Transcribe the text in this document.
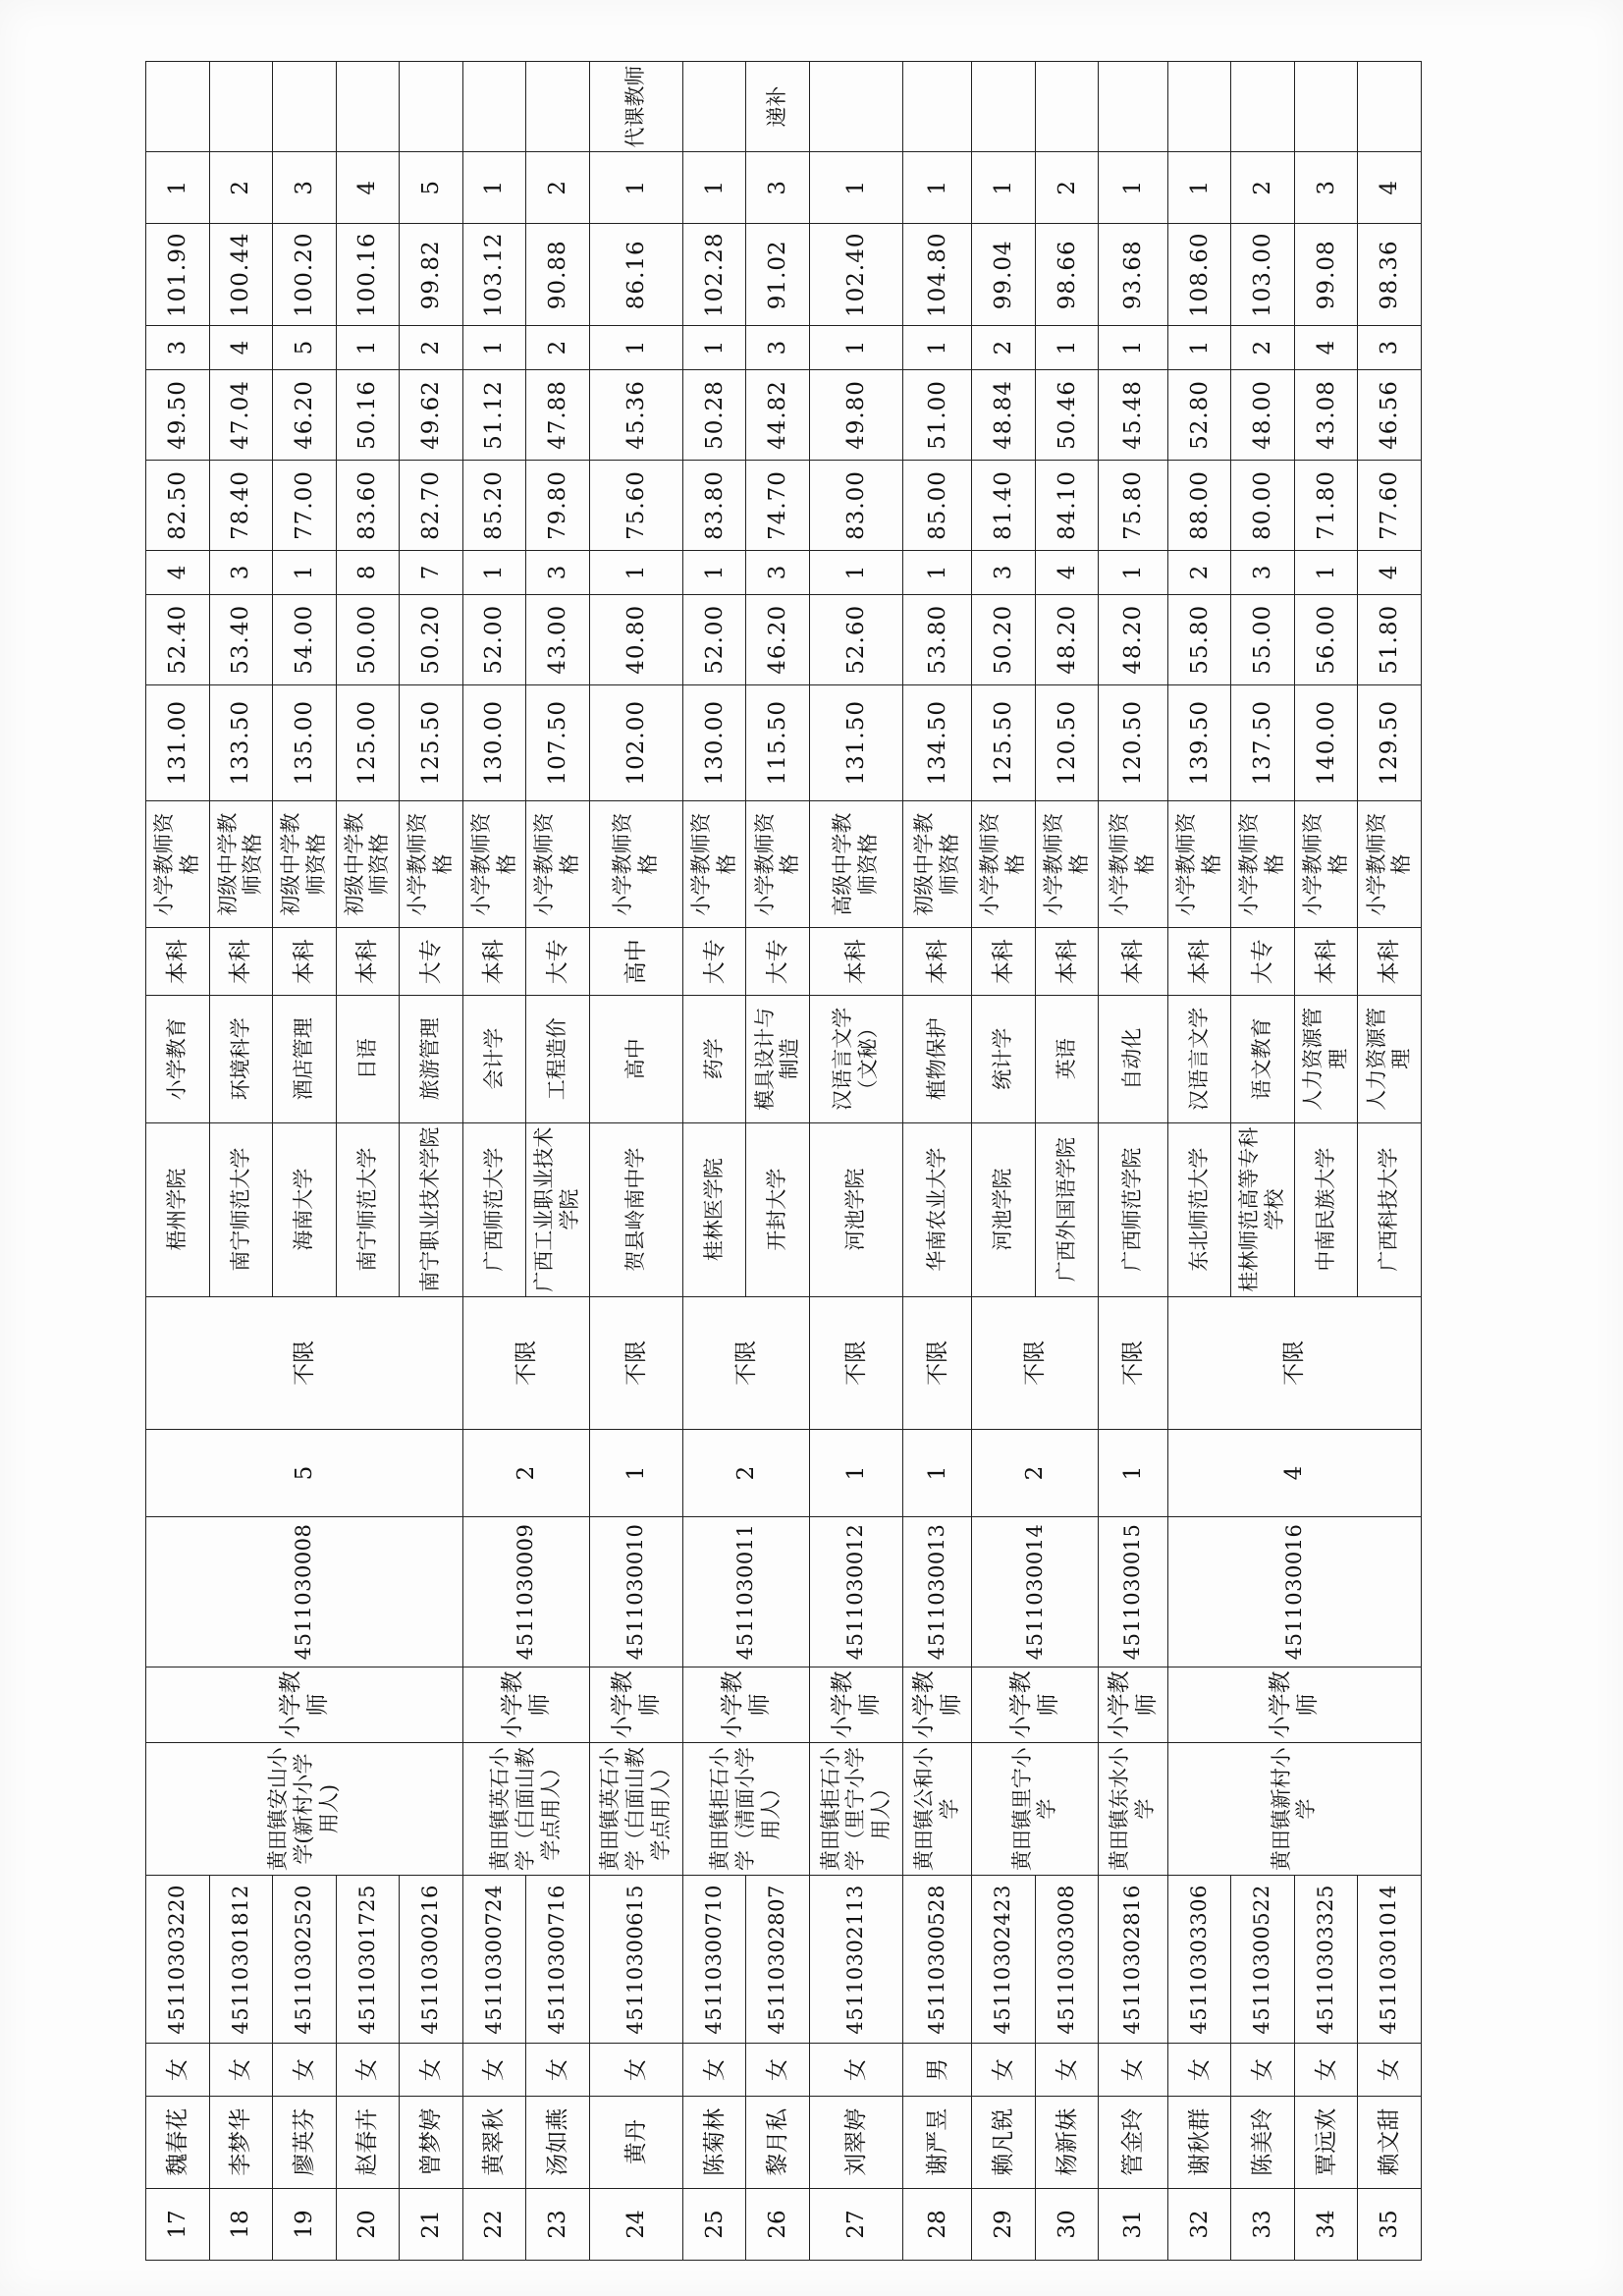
17	魏春花	女	45110303220	黄田镇安山小学(新村小学用人)	小学教师	4511030008	5	不限	梧州学院	小学教育	本科	小学教师资格	131.00	52.40	4	82.50	49.50	3	101.90	1	
18	李梦华	女	45110301812						南宁师范大学	环境科学	本科	初级中学教师资格	133.50	53.40	3	78.40	47.04	4	100.44	2	
19	廖英芬	女	45110302520						海南大学	酒店管理	本科	初级中学教师资格	135.00	54.00	1	77.00	46.20	5	100.20	3	
20	赵春卉	女	45110301725						南宁师范大学	日语	本科	初级中学教师资格	125.00	50.00	8	83.60	50.16	1	100.16	4	
21	曾梦婷	女	45110300216						南宁职业技术学院	旅游管理	大专	小学教师资格	125.50	50.20	7	82.70	49.62	2	99.82	5	
22	黄翠秋	女	45110300724	黄田镇英石小学（白面山教学点用人）	小学教师	4511030009	2	不限	广西师范大学	会计学	本科	小学教师资格	130.00	52.00	1	85.20	51.12	1	103.12	1	
23	汤如燕	女	45110300716						广西工业职业技术学院	工程造价	大专	小学教师资格	107.50	43.00	3	79.80	47.88	2	90.88	2	
24	黄丹	女	45110300615	黄田镇英石小学（白面山教学点用人）	小学教师	4511030010	1	不限	贺县岭南中学	高中	高中	小学教师资格	102.00	40.80	1	75.60	45.36	1	86.16	1	代课教师
25	陈菊林	女	45110300710	黄田镇拒石小学（清面小学用人）	小学教师	4511030011	2	不限	桂林医学院	药学	大专	小学教师资格	130.00	52.00	1	83.80	50.28	1	102.28	1	
26	黎月私	女	45110302807						开封大学	模具设计与制造	大专	小学教师资格	115.50	46.20	3	74.70	44.82	3	91.02	3	递补
27	刘翠婷	女	45110302113	黄田镇拒石小学（里宁小学用人）	小学教师	4511030012	1	不限	河池学院	汉语言文学（文秘）	本科	高级中学教师资格	131.50	52.60	1	83.00	49.80	1	102.40	1	
28	谢严昱	男	45110300528	黄田镇公和小学	小学教师	4511030013	1	不限	华南农业大学	植物保护	本科	初级中学教师资格	134.50	53.80	1	85.00	51.00	1	104.80	1	
29	赖凡锐	女	45110302423	黄田镇里宁小学	小学教师	4511030014	2	不限	河池学院	统计学	本科	小学教师资格	125.50	50.20	3	81.40	48.84	2	99.04	1	
30	杨新妹	女	45110303008						广西外国语学院	英语	本科	小学教师资格	120.50	48.20	4	84.10	50.46	1	98.66	2	
31	管金玲	女	45110302816	黄田镇东水小学	小学教师	4511030015	1	不限	广西师范学院	自动化	本科	小学教师资格	120.50	48.20	1	75.80	45.48	1	93.68	1	
32	谢秋群	女	45110303306	黄田镇新村小学	小学教师	4511030016	4	不限	东北师范大学	汉语言文学	本科	小学教师资格	139.50	55.80	2	88.00	52.80	1	108.60	1	
33	陈美玲	女	45110300522						桂林师范高等专科学校	语文教育	大专	小学教师资格	137.50	55.00	3	80.00	48.00	2	103.00	2	
34	覃远欢	女	45110303325						中南民族大学	人力资源管理	本科	小学教师资格	140.00	56.00	1	71.80	43.08	4	99.08	3	
35	赖文甜	女	45110301014						广西科技大学	人力资源管理	本科	小学教师资格	129.50	51.80	4	77.60	46.56	3	98.36	4	
